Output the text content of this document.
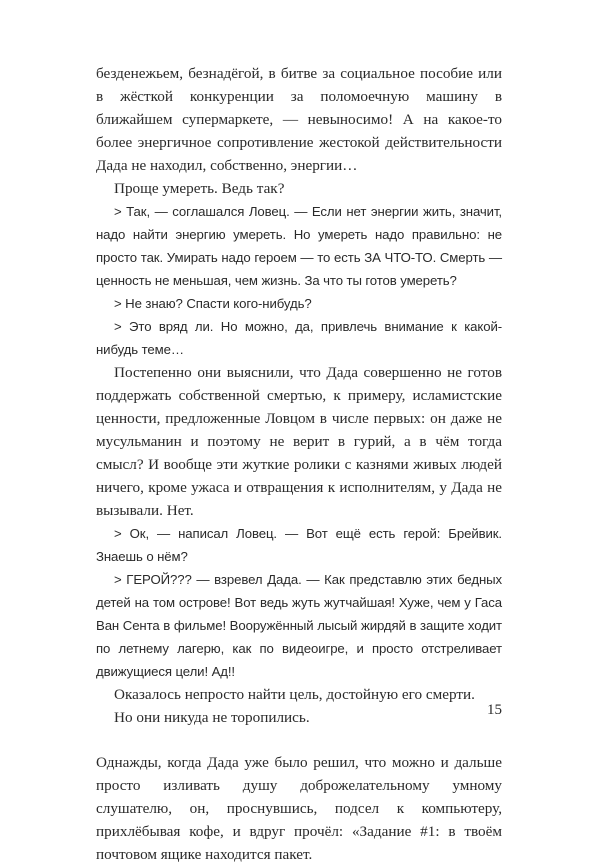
безденежьем, безнадёгой, в битве за социальное пособие или в жёсткой конкуренции за поломоечную машину в ближайшем супермаркете, — невыносимо! А на какое-то более энергичное сопротивление жестокой действительности Дада не находил, собственно, энергии…

Проще умереть. Ведь так?

> Так, — соглашался Ловец. — Если нет энергии жить, значит, надо найти энергию умереть. Но умереть надо правильно: не просто так. Умирать надо героем — то есть ЗА ЧТО-ТО. Смерть — ценность не меньшая, чем жизнь. За что ты готов умереть?

> Не знаю? Спасти кого-нибудь?

> Это вряд ли. Но можно, да, привлечь внимание к какой-нибудь теме…

Постепенно они выяснили, что Дада совершенно не готов поддержать собственной смертью, к примеру, исламистские ценности, предложенные Ловцом в числе первых: он даже не мусульманин и поэтому не верит в гурий, а в чём тогда смысл? И вообще эти жуткие ролики с казнями живых людей ничего, кроме ужаса и отвращения к исполнителям, у Дада не вызывали. Нет.

> Ок, — написал Ловец. — Вот ещё есть герой: Брейвик. Знаешь о нём?

> ГЕРОЙ??? — взревел Дада. — Как представлю этих бедных детей на том острове! Вот ведь жуть жутчайшая! Хуже, чем у Гаса Ван Сента в фильме! Вооружённый лысый жирдяй в защите ходит по летнему лагерю, как по видеоигре, и просто отстреливает движущиеся цели! Ад!!

Оказалось непросто найти цель, достойную его смерти.

Но они никуда не торопились.

Однажды, когда Дада уже было решил, что можно и дальше просто изливать душу доброжелательному умному слушателю, он, проснувшись, подсел к компьютеру, прихлёбывая кофе, и вдруг прочёл: «Задание #1: в твоём почтовом ящике находится пакет.

15
